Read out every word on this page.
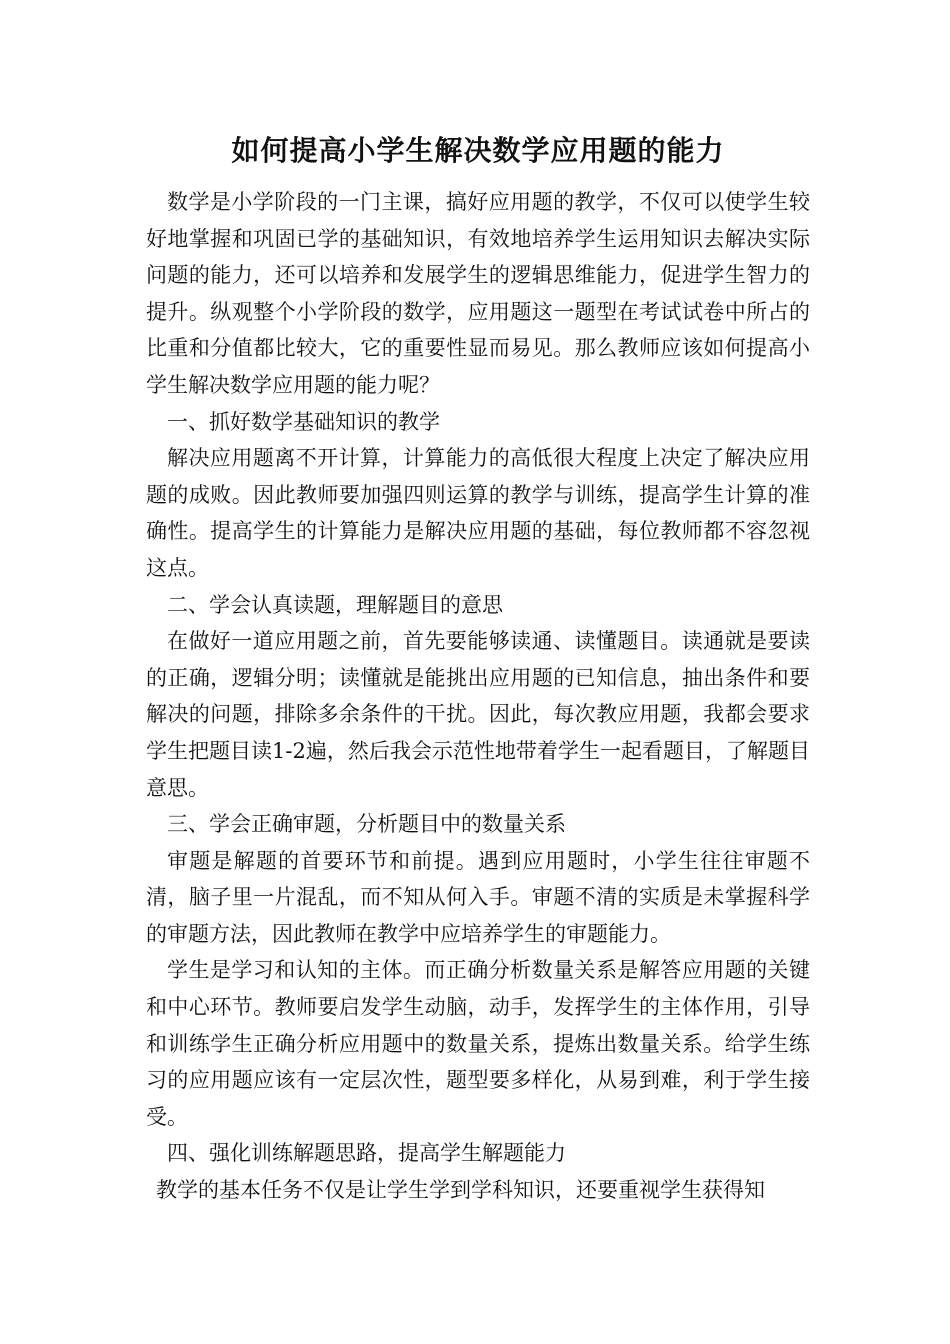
如何提高小学生解决数学应用题的能力

数学是小学阶段的一门主课，搞好应用题的教学，不仅可以使学生较好地掌握和巩固已学的基础知识，有效地培养学生运用知识去解决实际问题的能力，还可以培养和发展学生的逻辑思维能力，促进学生智力的提升。纵观整个小学阶段的数学，应用题这一题型在考试试卷中所占的比重和分值都比较大，它的重要性显而易见。那么教师应该如何提高小学生解决数学应用题的能力呢？

一、抓好数学基础知识的教学

解决应用题离不开计算，计算能力的高低很大程度上决定了解决应用题的成败。因此教师要加强四则运算的教学与训练，提高学生计算的准确性。提高学生的计算能力是解决应用题的基础，每位教师都不容忽视这点。

二、学会认真读题，理解题目的意思

在做好一道应用题之前，首先要能够读通、读懂题目。读通就是要读的正确，逻辑分明；读懂就是能挑出应用题的已知信息，抽出条件和要解决的问题，排除多余条件的干扰。因此，每次教应用题，我都会要求学生把题目读1-2遍，然后我会示范性地带着学生一起看题目，了解题目意思。

三、学会正确审题，分析题目中的数量关系

审题是解题的首要环节和前提。遇到应用题时，小学生往往审题不清，脑子里一片混乱，而不知从何入手。审题不清的实质是未掌握科学的审题方法，因此教师在教学中应培养学生的审题能力。

学生是学习和认知的主体。而正确分析数量关系是解答应用题的关键和中心环节。教师要启发学生动脑，动手，发挥学生的主体作用，引导和训练学生正确分析应用题中的数量关系，提炼出数量关系。给学生练习的应用题应该有一定层次性，题型要多样化，从易到难，利于学生接受。

四、强化训练解题思路，提高学生解题能力

教学的基本任务不仅是让学生学到学科知识，还要重视学生获得知
